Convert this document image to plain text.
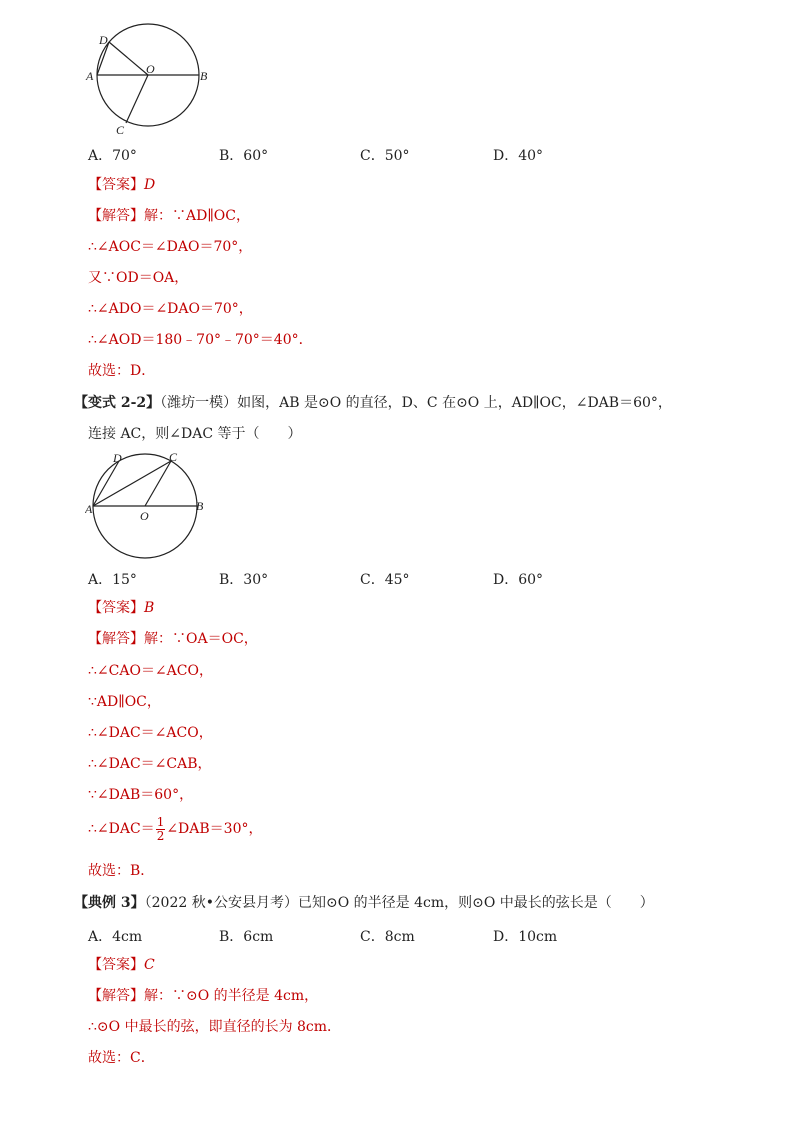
D
A	O	B
C
A．70°	B．60°	C．50°	D．40°
【答案】D
【解答】解：∵AD∥OC，
∴∠AOC＝∠DAO＝70°，
又∵OD＝OA，
∴∠ADO＝∠DAO＝70°，
∴∠AOD＝180﹣70°﹣70°＝40°．
故选：D．
【变式 2-2】（潍坊一模）如图，AB 是⊙O 的直径，D、C 在⊙O 上，AD∥OC，∠DAB＝60°，
连接 AC，则∠DAC 等于（　　）
D	C
A	O
B
A．15°	B．30°	C．45°	D．60°
【答案】B
【解答】解：∵OA＝OC，
∴∠CAO＝∠ACO，
∵AD∥OC，
∴∠DAC＝∠ACO，
∴∠DAC＝∠CAB，
∵∠DAB＝60°，
∴∠DAC＝ $\frac{1}{2}$ ∠DAB＝30°，
故选：B．
【典例 3】（2022 秋•公安县月考）已知⊙O 的半径是 4cm，则⊙O 中最长的弦长是（　　）
A．4cm	B．6cm	C．8cm	D．10cm
【答案】C
【解答】解：∵⊙O 的半径是 4cm，
∴⊙O 中最长的弦，即直径的长为 8cm．
故选：C．
